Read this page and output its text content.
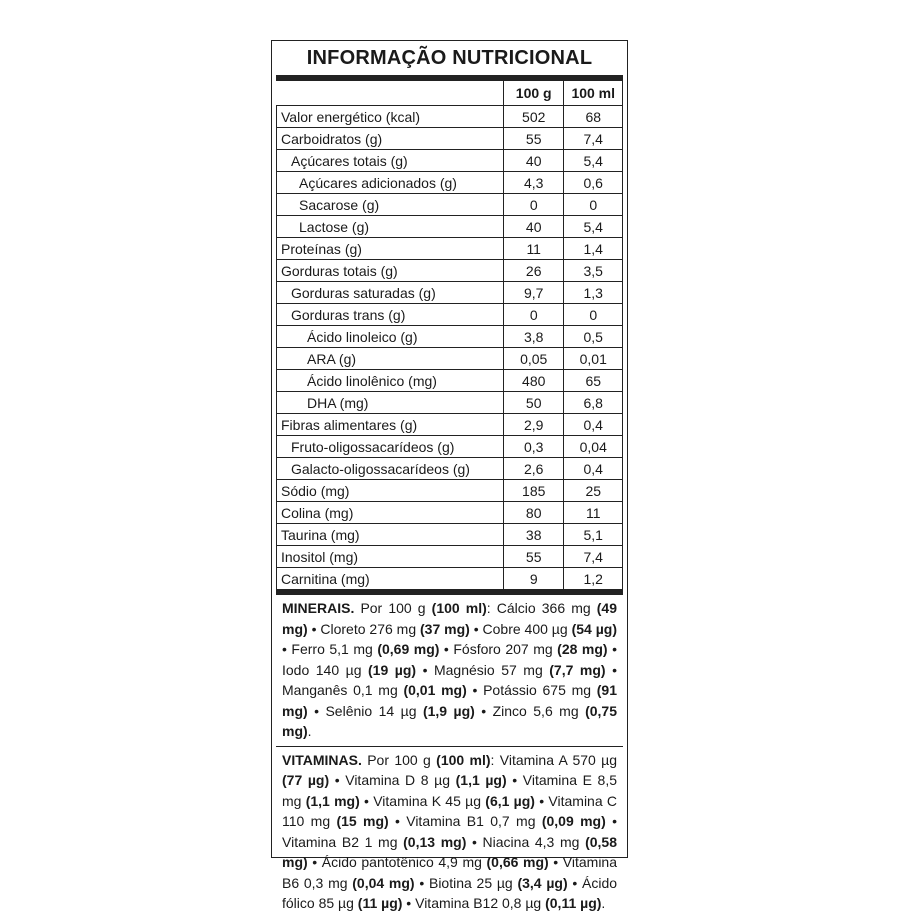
INFORMAÇÃO NUTRICIONAL
	100 g	100 ml
Valor energético (kcal)	502	68
Carboidratos (g)	55	7,4
Açúcares totais (g)	40	5,4
Açúcares adicionados (g)	4,3	0,6
Sacarose (g)	0	0
Lactose (g)	40	5,4
Proteínas (g)	11	1,4
Gorduras totais (g)	26	3,5
Gorduras saturadas (g)	9,7	1,3
Gorduras trans (g)	0	0
Ácido linoleico (g)	3,8	0,5
ARA (g)	0,05	0,01
Ácido linolênico (mg)	480	65
DHA (mg)	50	6,8
Fibras alimentares (g)	2,9	0,4
Fruto-oligossacarídeos (g)	0,3	0,04
Galacto-oligossacarídeos (g)	2,6	0,4
Sódio (mg)	185	25
Colina (mg)	80	11
Taurina (mg)	38	5,1
Inositol (mg)	55	7,4
Carnitina (mg)	9	1,2
MINERAIS. Por 100 g (100 ml): Cálcio 366 mg (49 mg) • Cloreto 276 mg (37 mg) • Cobre 400 µg (54 µg) • Ferro 5,1 mg (0,69 mg) • Fósforo 207 mg (28 mg) • Iodo 140 µg (19 µg) • Magnésio 57 mg (7,7 mg) • Manganês 0,1 mg (0,01 mg) • Potássio 675 mg (91 mg) • Selênio 14 µg (1,9 µg) • Zinco 5,6 mg (0,75 mg).
VITAMINAS. Por 100 g (100 ml): Vitamina A 570 µg (77 µg) • Vitamina D 8 µg (1,1 µg) • Vitamina E 8,5 mg (1,1 mg) • Vitamina K 45 µg (6,1 µg) • Vitamina C 110 mg (15 mg) • Vitamina B1 0,7 mg (0,09 mg) • Vitamina B2 1 mg (0,13 mg) • Niacina 4,3 mg (0,58 mg) • Ácido pantotênico 4,9 mg (0,66 mg) • Vitamina B6 0,3 mg (0,04 mg) • Biotina 25 µg (3,4 µg) • Ácido fólico 85 µg (11 µg) • Vitamina B12 0,8 µg (0,11 µg).
